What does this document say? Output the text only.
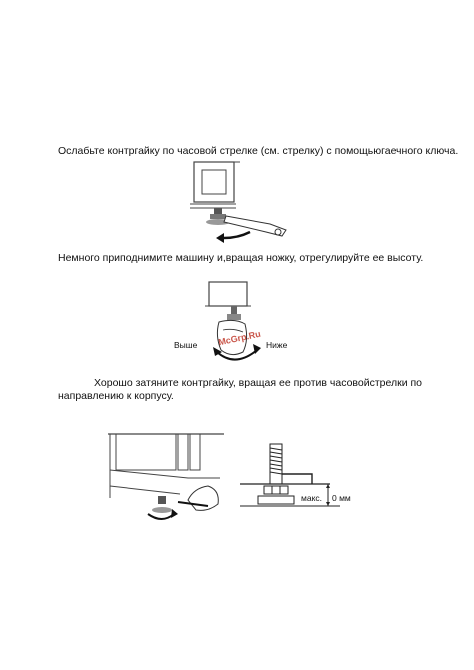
Ослабьте контргайку по часовой стрелке (см. стрелку) с помощьюгаечного ключа.
Немного приподнимите машину и,вращая ножку, отрегулируйте ее высоту.
McGrp.Ru
Выше	Ниже
Хорошо затяните контргайку, вращая ее против часовойстрелки по
направлению к корпусу.
макс. 0 мм
